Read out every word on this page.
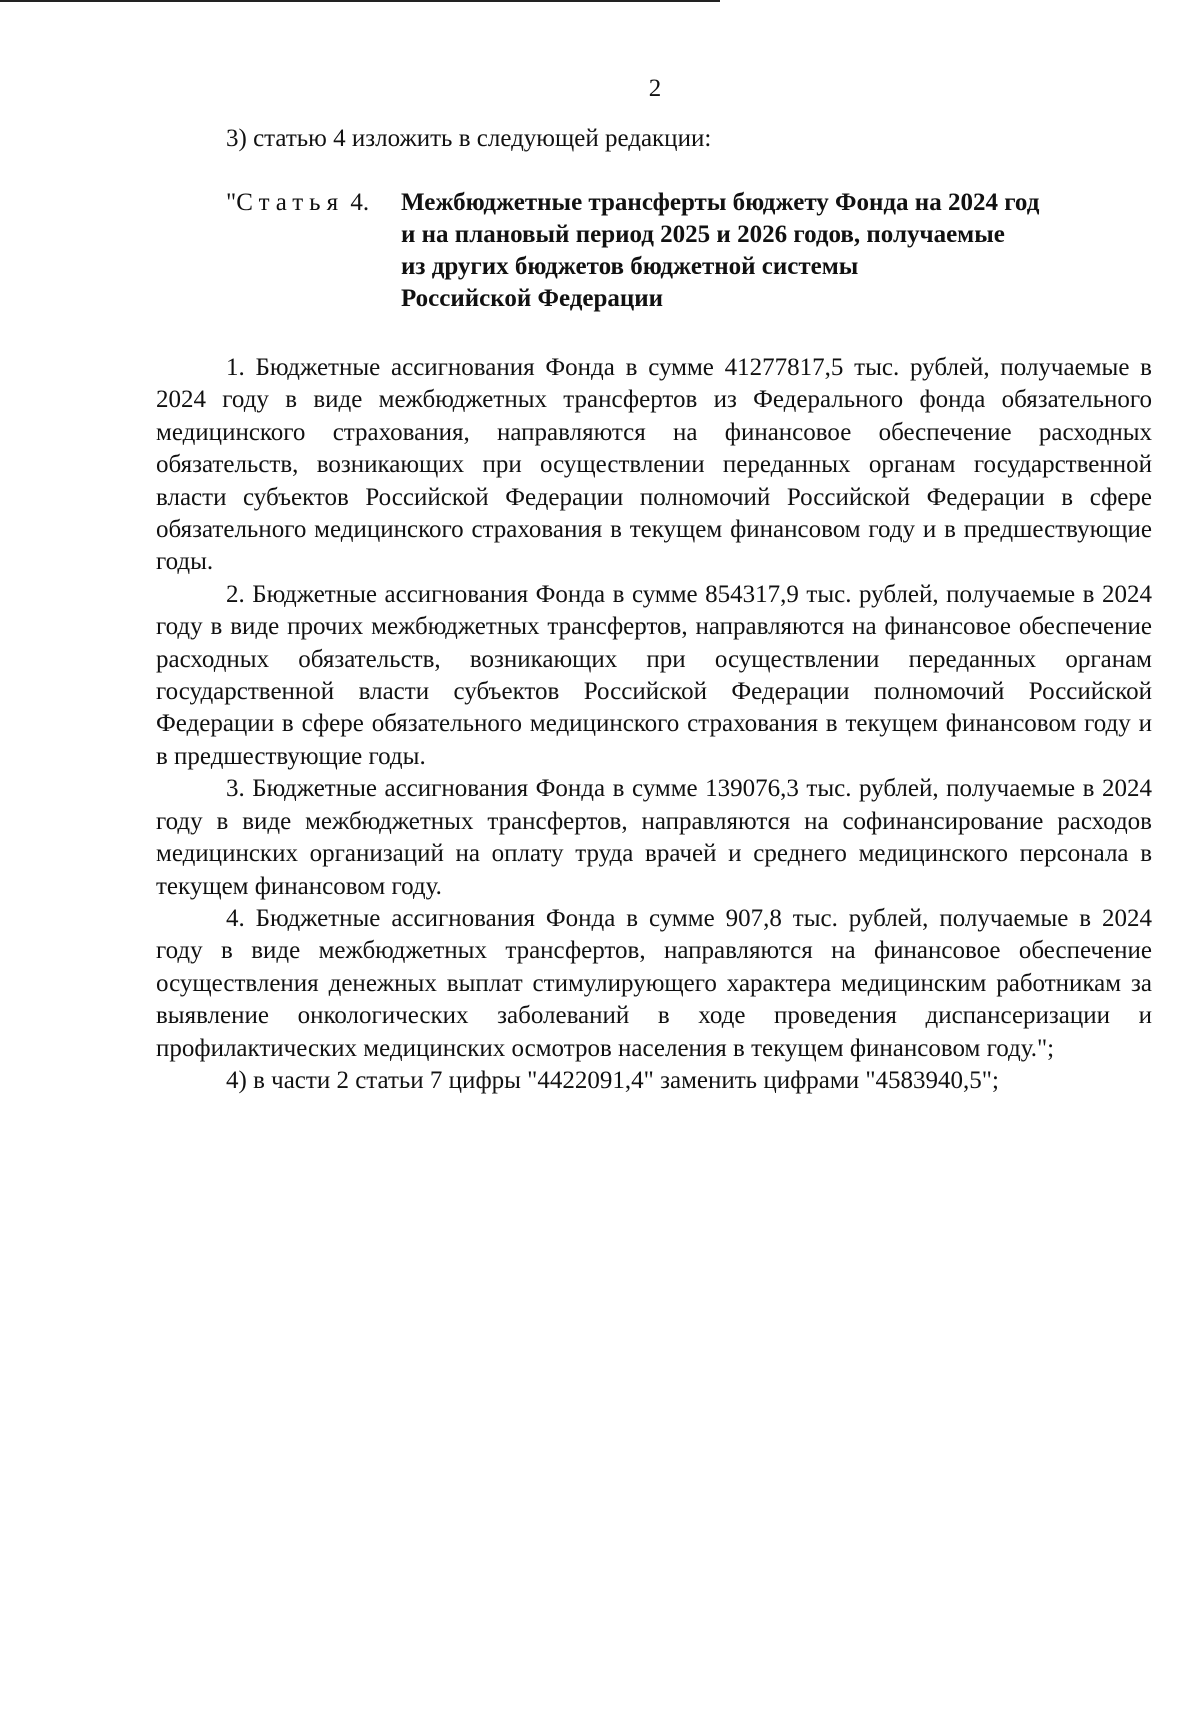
2
3) статью 4 изложить в следующей редакции:
"Статья 4. Межбюджетные трансферты бюджету Фонда на 2024 год
и на плановый период 2025 и 2026 годов, получаемые
из других бюджетов бюджетной системы
Российской Федерации

1. Бюджетные ассигнования Фонда в сумме 41277817,5 тыс. рублей, получаемые в 2024 году в виде межбюджетных трансфертов из Федерального фонда обязательного медицинского страхования, направляются на финансовое обеспечение расходных обязательств, возникающих при осуществлении переданных органам государственной власти субъектов Российской Федерации полномочий Российской Федерации в сфере обязательного медицинского страхования в текущем финансовом году и в предшествующие годы.

2. Бюджетные ассигнования Фонда в сумме 854317,9 тыс. рублей, получаемые в 2024 году в виде прочих межбюджетных трансфертов, направляются на финансовое обеспечение расходных обязательств, возникающих при осуществлении переданных органам государственной власти субъектов Российской Федерации полномочий Российской Федерации в сфере обязательного медицинского страхования в текущем финансовом году и в предшествующие годы.

3. Бюджетные ассигнования Фонда в сумме 139076,3 тыс. рублей, получаемые в 2024 году в виде межбюджетных трансфертов, направляются на софинансирование расходов медицинских организаций на оплату труда врачей и среднего медицинского персонала в текущем финансовом году.

4. Бюджетные ассигнования Фонда в сумме 907,8 тыс. рублей, получаемые в 2024 году в виде межбюджетных трансфертов, направляются на финансовое обеспечение осуществления денежных выплат стимулирующего характера медицинским работникам за выявление онкологических заболеваний в ходе проведения диспансеризации и профилактических медицинских осмотров населения в текущем финансовом году.";

4) в части 2 статьи 7 цифры "4422091,4" заменить цифрами "4583940,5";
